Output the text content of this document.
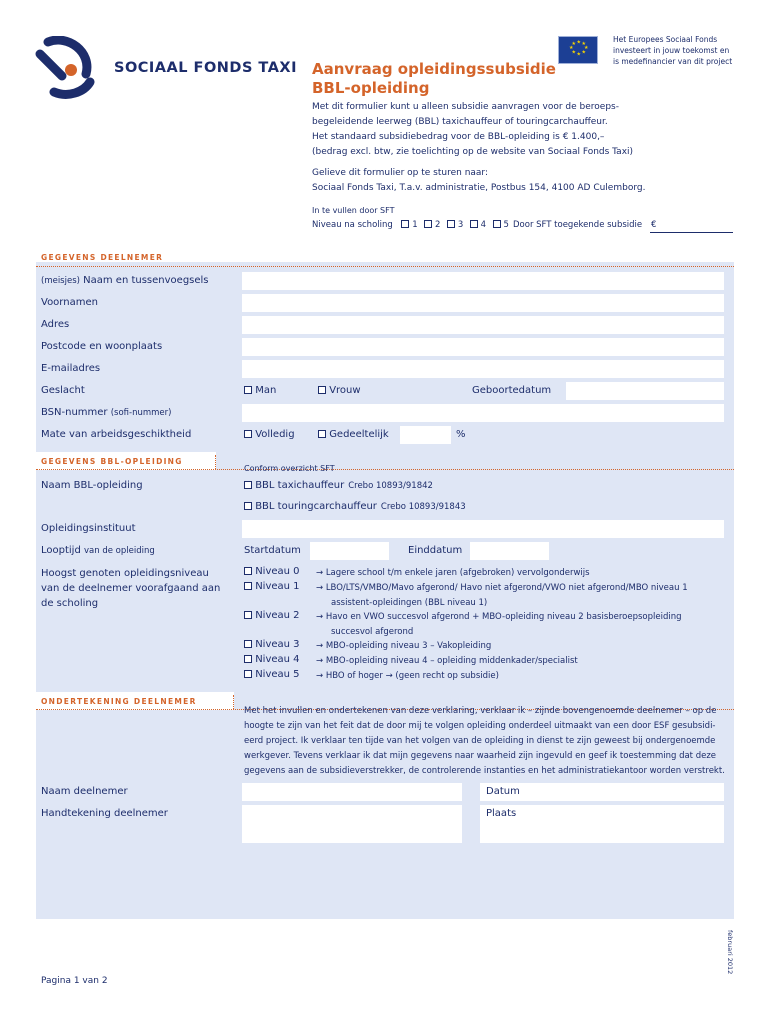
SOCIAAL FONDS TAXI Aanvraag opleidingssubsidie
BBL-opleiding
★ ★
★
★
★
★
★
★	Het Europees Sociaal Fonds
investeert in jouw toekomst en
is medefinancier van dit project
Met dit formulier kunt u alleen subsidie aanvragen voor de beroeps-
begeleidende leerweg (BBL) taxichauffeur of touringcarchauffeur.
Het standaard subsidiebedrag voor de BBL-opleiding is € 1.400,–
(bedrag excl. btw, zie toelichting op de website van Sociaal Fonds Taxi)
Gelieve dit formulier op te sturen naar:
Sociaal Fonds Taxi, T.a.v. administratie, Postbus 154, 4100 AD Culemborg.
In te vullen door SFT
Niveau na scholing 1 2 3 4 5 Door SFT toegekende subsidie €
GEGEVENS DEELNEMER
(meisjes) Naam en tussenvoegsels
Voornamen
Adres
Postcode en woonplaats
E-mailadres
Geslacht	Man	Vrouw	Geboortedatum
BSN-nummer (sofi-nummer)
Mate van arbeidsgeschiktheid	Volledig	Gedeeltelijk	%
GEGEVENS BBL-OPLEIDING
Conform overzicht SFT
Naam BBL-opleiding	BBL taxichauffeur Crebo 10893/91842
BBL touringcarchauffeur Crebo 10893/91843
Opleidingsinstituut
Looptijd van de opleiding	Startdatum	Einddatum
Hoogst genoten opleidingsniveau
van de deelnemer voorafgaand aan
de scholing
Niveau 0 → Lagere school t/m enkele jaren (afgebroken) vervolgonderwijs
Niveau 1 → LBO/LTS/VMBO/Mavo afgerond/ Havo niet afgerond/VWO niet afgerond/MBO niveau 1
assistent-opleidingen (BBL niveau 1)
Niveau 2 → Havo en VWO succesvol afgerond + MBO-opleiding niveau 2 basisberoepsopleiding
succesvol afgerond
Niveau 3 → MBO-opleiding niveau 3 – Vakopleiding
Niveau 4 → MBO-opleiding niveau 4 – opleiding middenkader/specialist
Niveau 5 → HBO of hoger → (geen recht op subsidie)
ONDERTEKENING DEELNEMER
Met het invullen en ondertekenen van deze verklaring, verklaar ik – zijnde bovengenoemde deelnemer – op de
hoogte te zijn van het feit dat de door mij te volgen opleiding onderdeel uitmaakt van een door ESF gesubsidi-
eerd project. Ik verklaar ten tijde van het volgen van de opleiding in dienst te zijn geweest bij ondergenoemde
werkgever. Tevens verklaar ik dat mijn gegevens naar waarheid zijn ingevuld en geef ik toestemming dat deze
gegevens aan de subsidieverstrekker, de controlerende instanties en het administratiekantoor worden verstrekt.
Naam deelnemer	Datum
Handtekening deelnemer	Plaats
Pagina 1 van 2
februari 2012
